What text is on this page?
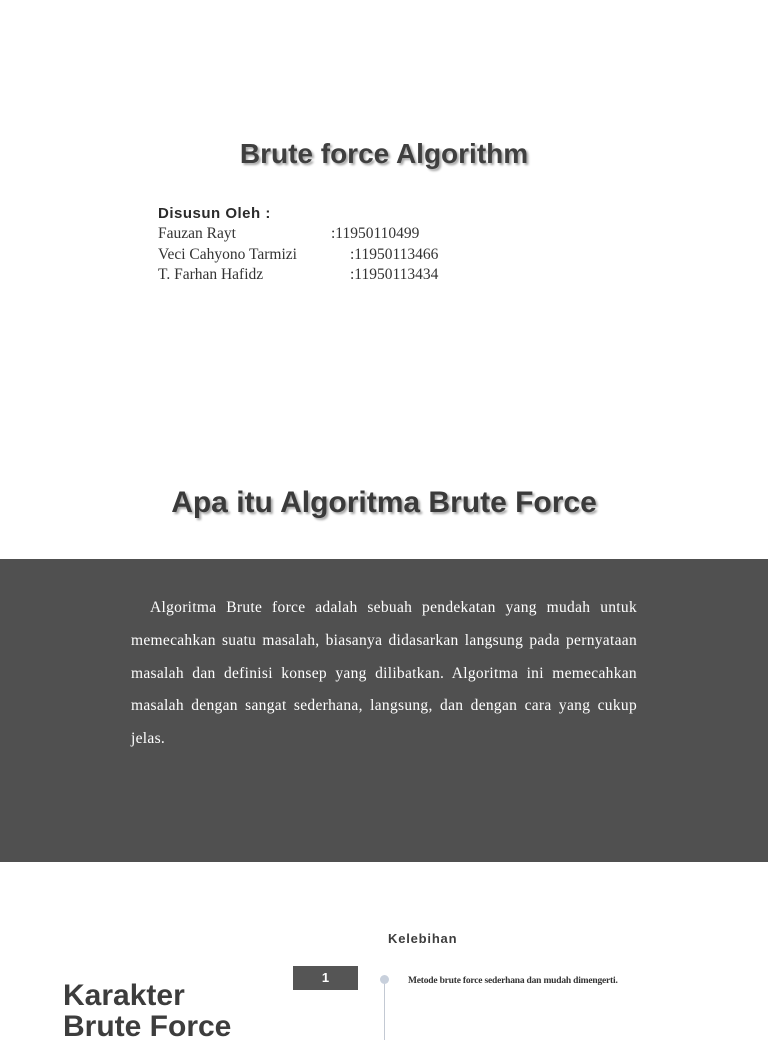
Brute force Algorithm
Disusun Oleh :
Fauzan Rayt	:11950110499
Veci Cahyono Tarmizi	:11950113466
T. Farhan Hafidz	:11950113434
Apa itu Algoritma Brute Force

Algoritma Brute force adalah sebuah pendekatan yang mudah untuk memecahkan suatu masalah, biasanya didasarkan langsung pada pernyataan masalah dan definisi konsep yang dilibatkan. Algoritma ini memecahkan masalah dengan sangat sederhana, langsung, dan dengan cara yang cukup jelas.

Kelebihan
1	Metode brute force sederhana dan mudah dimengerti.
Karakter
Brute Force
